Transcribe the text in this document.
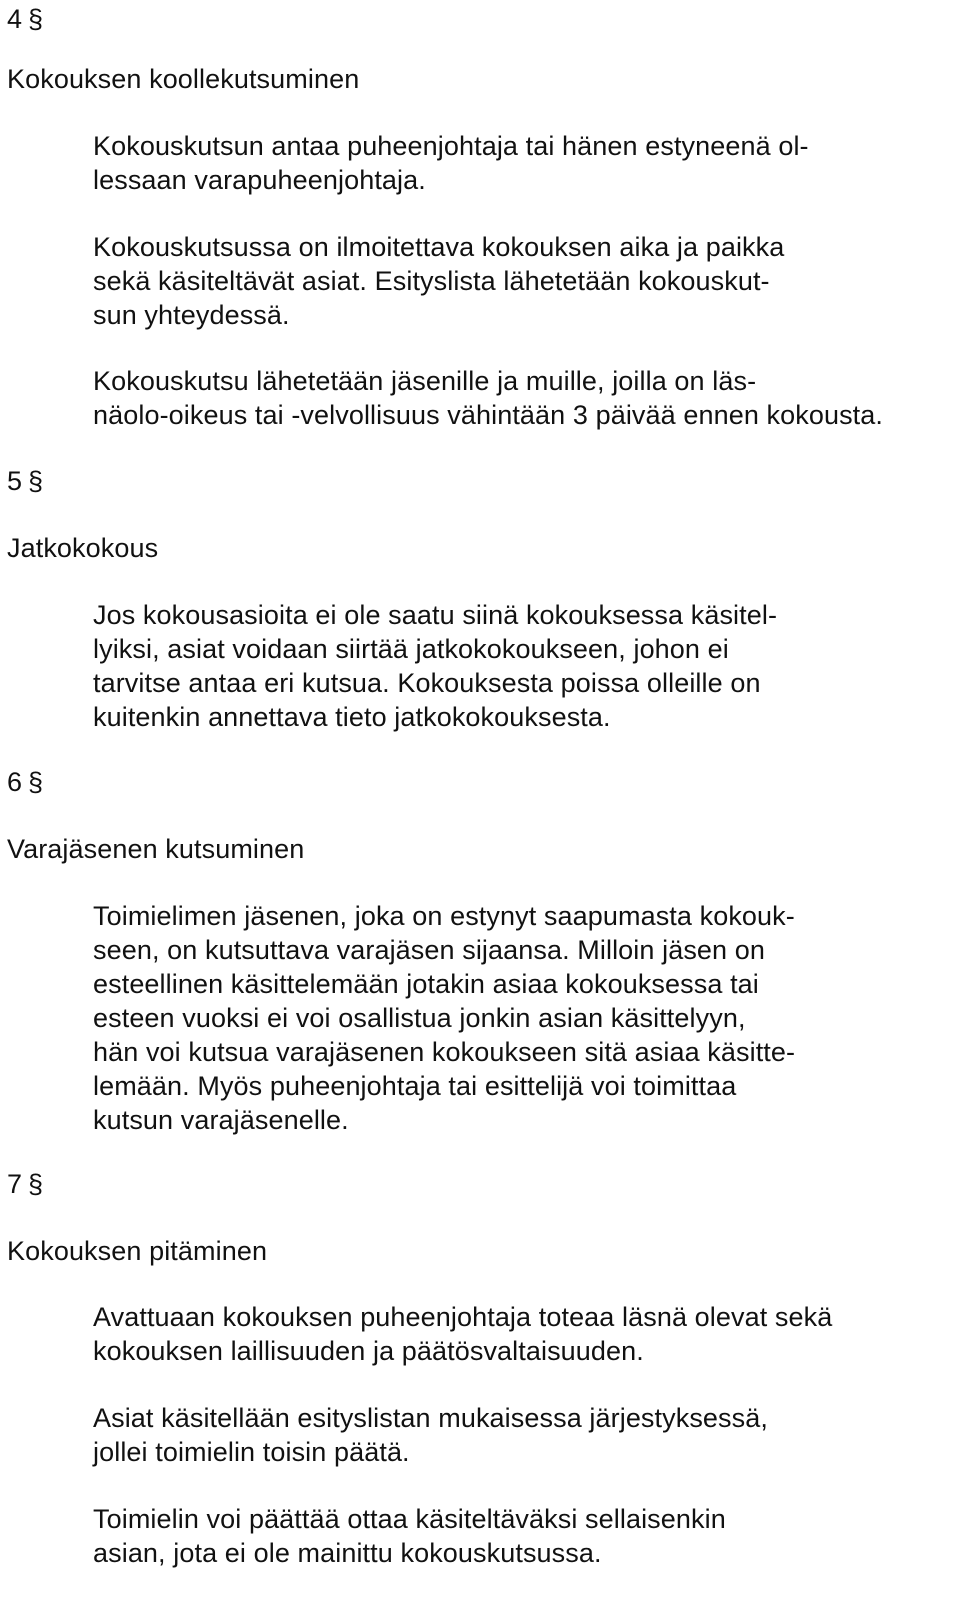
4 §

Kokouksen koollekutsuminen

Kokouskutsun antaa puheenjohtaja tai hänen estyneenä ol-
lessaan varapuheenjohtaja.

Kokouskutsussa on ilmoitettava kokouksen aika ja paikka
sekä käsiteltävät asiat. Esityslista lähetetään kokouskut-
sun yhteydessä.

Kokouskutsu lähetetään jäsenille ja muille, joilla on läs-
näolo-oikeus tai -velvollisuus vähintään 3 päivää ennen kokousta.

5 §

Jatkokokous

Jos kokousasioita ei ole saatu siinä kokouksessa käsitel-
lyiksi, asiat voidaan siirtää jatkokokoukseen, johon ei
tarvitse antaa eri kutsua. Kokouksesta poissa olleille on
kuitenkin annettava tieto jatkokokouksesta.

6 §

Varajäsenen kutsuminen

Toimielimen jäsenen, joka on estynyt saapumasta kokouk-
seen, on kutsuttava varajäsen sijaansa. Milloin jäsen on
esteellinen käsittelemään jotakin asiaa kokouksessa tai
esteen vuoksi ei voi osallistua jonkin asian käsittelyyn,
hän voi kutsua varajäsenen kokoukseen sitä asiaa käsitte-
lemään. Myös puheenjohtaja tai esittelijä voi toimittaa
kutsun varajäsenelle.

7 §

Kokouksen pitäminen

Avattuaan kokouksen puheenjohtaja toteaa läsnä olevat sekä
kokouksen laillisuuden ja päätösvaltaisuuden.

Asiat käsitellään esityslistan mukaisessa järjestyksessä,
jollei toimielin toisin päätä.

Toimielin voi päättää ottaa käsiteltäväksi sellaisenkin
asian, jota ei ole mainittu kokouskutsussa.
